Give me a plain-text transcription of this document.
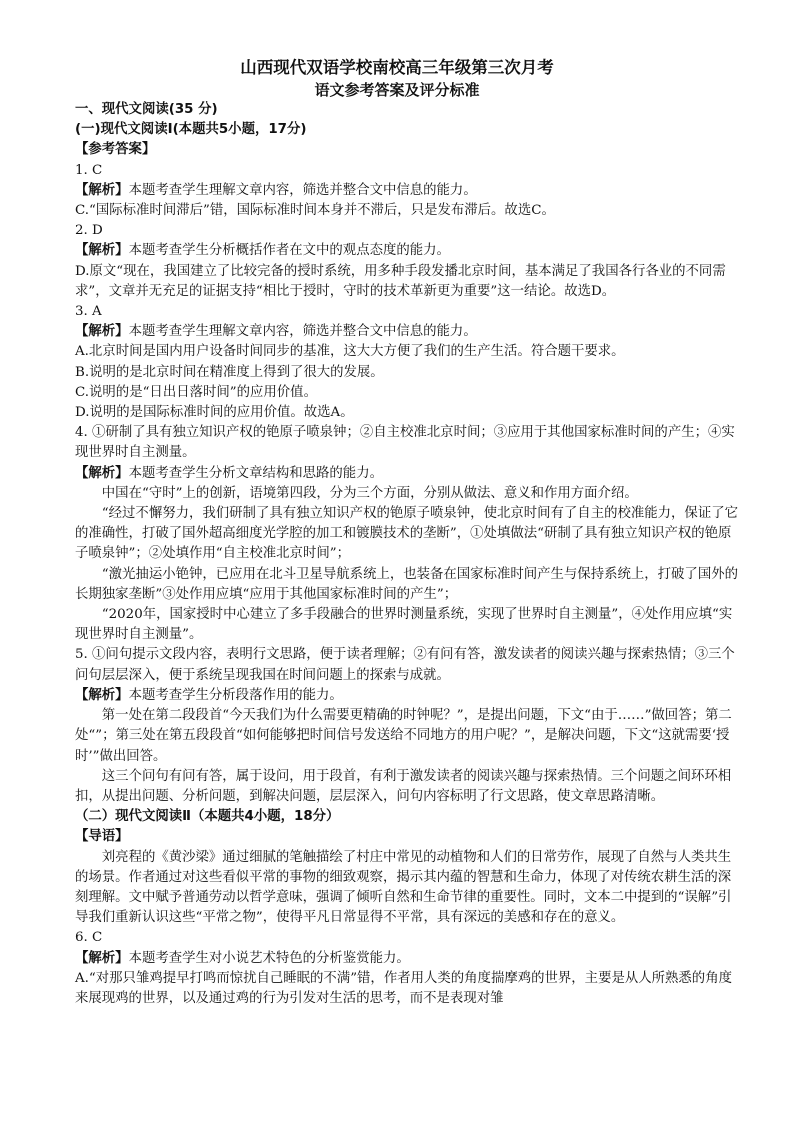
山西现代双语学校南校高三年级第三次月考
语文参考答案及评分标准

一、现代文阅读(35 分)

(一)现代文阅读Ⅰ(本题共5小题，17分)

【参考答案】

1. C

【解析】本题考查学生理解文章内容，筛选并整合文中信息的能力。

C.“国际标准时间滞后”错，国际标准时间本身并不滞后，只是发布滞后。故选C。

2. D

【解析】本题考查学生分析概括作者在文中的观点态度的能力。

D.原文“现在，我国建立了比较完备的授时系统，用多种手段发播北京时间，基本满足了我国各行各业的不同需求”，文章并无充足的证据支持“相比于授时，守时的技术革新更为重要”这一结论。故选D。

3. A

【解析】本题考查学生理解文章内容，筛选并整合文中信息的能力。

A.北京时间是国内用户设备时间同步的基准，这大大方便了我们的生产生活。符合题干要求。

B.说明的是北京时间在精准度上得到了很大的发展。

C.说明的是“日出日落时间”的应用价值。

D.说明的是国际标准时间的应用价值。故选A。

4. ①研制了具有独立知识产权的铯原子喷泉钟；②自主校准北京时间；③应用于其他国家标准时间的产生；④实现世界时自主测量。

【解析】本题考查学生分析文章结构和思路的能力。

中国在“守时”上的创新，语境第四段，分为三个方面，分别从做法、意义和作用方面介绍。

“经过不懈努力，我们研制了具有独立知识产权的铯原子喷泉钟，使北京时间有了自主的校准能力，保证了它的准确性，打破了国外超高细度光学腔的加工和镀膜技术的垄断”，①处填做法“研制了具有独立知识产权的铯原子喷泉钟”；②处填作用“自主校准北京时间”；

“激光抽运小铯钟，已应用在北斗卫星导航系统上，也装备在国家标准时间产生与保持系统上，打破了国外的长期独家垄断”③处作用应填“应用于其他国家标准时间的产生”；

“2020年，国家授时中心建立了多手段融合的世界时测量系统，实现了世界时自主测量”，④处作用应填“实现世界时自主测量”。

5. ①问句提示文段内容，表明行文思路，便于读者理解；②有问有答，激发读者的阅读兴趣与探索热情；③三个问句层层深入，便于系统呈现我国在时间问题上的探索与成就。

【解析】本题考查学生分析段落作用的能力。

第一处在第二段段首“今天我们为什么需要更精确的时钟呢？”，是提出问题，下文“由于……”做回答；第二处“”；第三处在第五段段首“如何能够把时间信号发送给不同地方的用户呢？”，是解决问题，下文“这就需要‘授时’”做出回答。

这三个问句有问有答，属于设问，用于段首，有利于激发读者的阅读兴趣与探索热情。三个问题之间环环相扣，从提出问题、分析问题，到解决问题，层层深入，问句内容标明了行文思路，使文章思路清晰。

（二）现代文阅读Ⅱ（本题共4小题，18分）

【导语】

刘亮程的《黄沙梁》通过细腻的笔触描绘了村庄中常见的动植物和人们的日常劳作，展现了自然与人类共生的场景。作者通过对这些看似平常的事物的细致观察，揭示其内蕴的智慧和生命力，体现了对传统农耕生活的深刻理解。文中赋予普通劳动以哲学意味，强调了倾听自然和生命节律的重要性。同时，文本二中提到的“误解”引导我们重新认识这些“平常之物”，使得平凡日常显得不平常，具有深远的美感和存在的意义。

6. C

【解析】本题考查学生对小说艺术特色的分析鉴赏能力。

A.“对那只雏鸡提早打鸣而惊扰自己睡眠的不满”错，作者用人类的角度揣摩鸡的世界，主要是从人所熟悉的角度来展现鸡的世界，以及通过鸡的行为引发对生活的思考，而不是表现对雏
